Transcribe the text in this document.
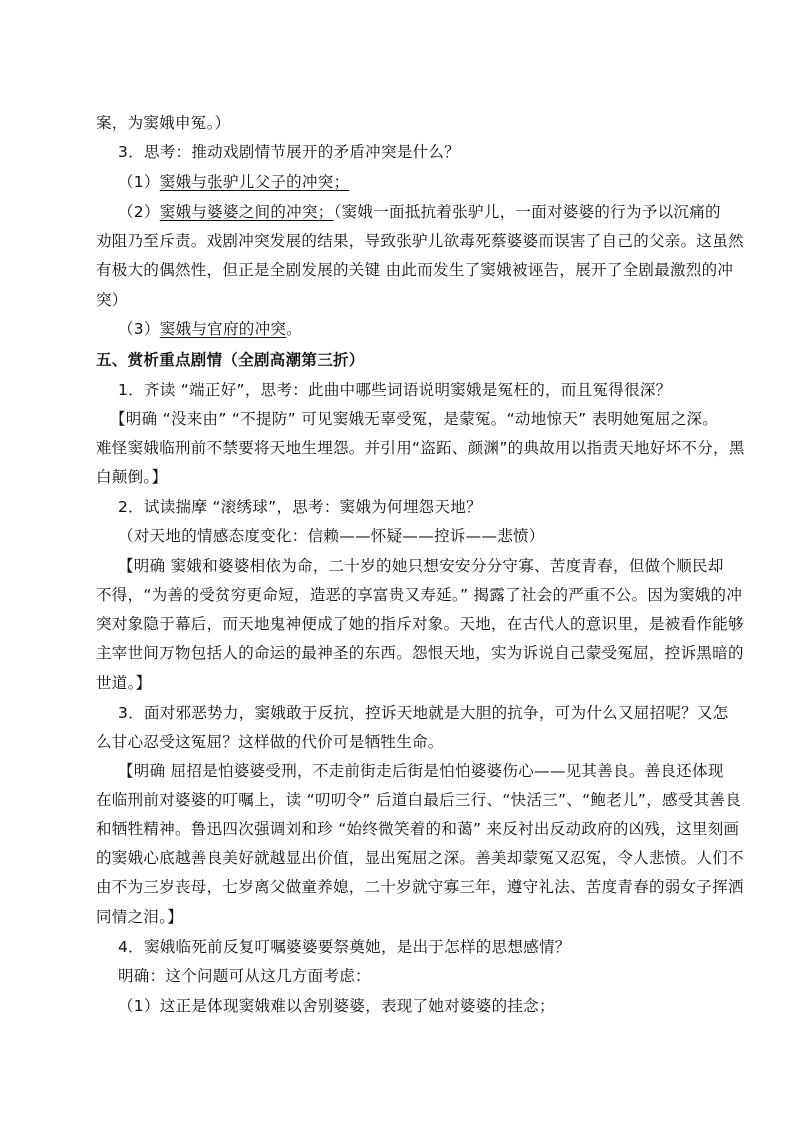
案，为窦娥申冤。）
3．思考：推动戏剧情节展开的矛盾冲突是什么？
（1）窦娥与张驴儿父子的冲突；
（2）窦娥与婆婆之间的冲突；（窦娥一面抵抗着张驴儿，一面对婆婆的行为予以沉痛的
劝阻乃至斥责。戏剧冲突发展的结果，导致张驴儿欲毒死蔡婆婆而误害了自己的父亲。这虽然
有极大的偶然性，但正是全剧发展的关键 由此而发生了窦娥被诬告，展开了全剧最激烈的冲
突）
（3）窦娥与官府的冲突。
五、赏析重点剧情（全剧高潮第三折）
1．齐读 “端正好”，思考：此曲中哪些词语说明窦娥是冤枉的，而且冤得很深？
【明确 “没来由” “不提防” 可见窦娥无辜受冤，是蒙冤。“动地惊天” 表明她冤屈之深。
难怪窦娥临刑前不禁要将天地生埋怨。并引用“盗跖、颜渊”的典故用以指责天地好坏不分，黑
白颠倒。】
2．试读揣摩 “滚绣球”，思考：窦娥为何埋怨天地？
（对天地的情感态度变化：信赖——怀疑——控诉——悲愤）
【明确 窦娥和婆婆相依为命，二十岁的她只想安安分分守寡、苦度青春，但做个顺民却
不得，“为善的受贫穷更命短，造恶的享富贵又寿延。” 揭露了社会的严重不公。因为窦娥的冲
突对象隐于幕后，而天地鬼神便成了她的指斥对象。天地，在古代人的意识里，是被看作能够
主宰世间万物包括人的命运的最神圣的东西。怨恨天地，实为诉说自己蒙受冤屈，控诉黑暗的
世道。】
3．面对邪恶势力，窦娥敢于反抗，控诉天地就是大胆的抗争，可为什么又屈招呢？又怎
么甘心忍受这冤屈？这样做的代价可是牺牲生命。
【明确 屈招是怕婆婆受刑，不走前街走后街是怕怕婆婆伤心——见其善良。善良还体现
在临刑前对婆婆的叮嘱上，读 “叨叨令” 后道白最后三行、“快活三”、“鲍老儿”，感受其善良
和牺牲精神。鲁迅四次强调刘和珍 “始终微笑着的和蔼” 来反衬出反动政府的凶残，这里刻画
的窦娥心底越善良美好就越显出价值，显出冤屈之深。善美却蒙冤又忍冤，令人悲愤。人们不
由不为三岁丧母，七岁离父做童养媳，二十岁就守寡三年，遵守礼法、苦度青春的弱女子挥洒
同情之泪。】
4．窦娥临死前反复叮嘱婆婆要祭奠她，是出于怎样的思想感情？
明确：这个问题可从这几方面考虑：
（1）这正是体现窦娥难以舍别婆婆，表现了她对婆婆的挂念；
